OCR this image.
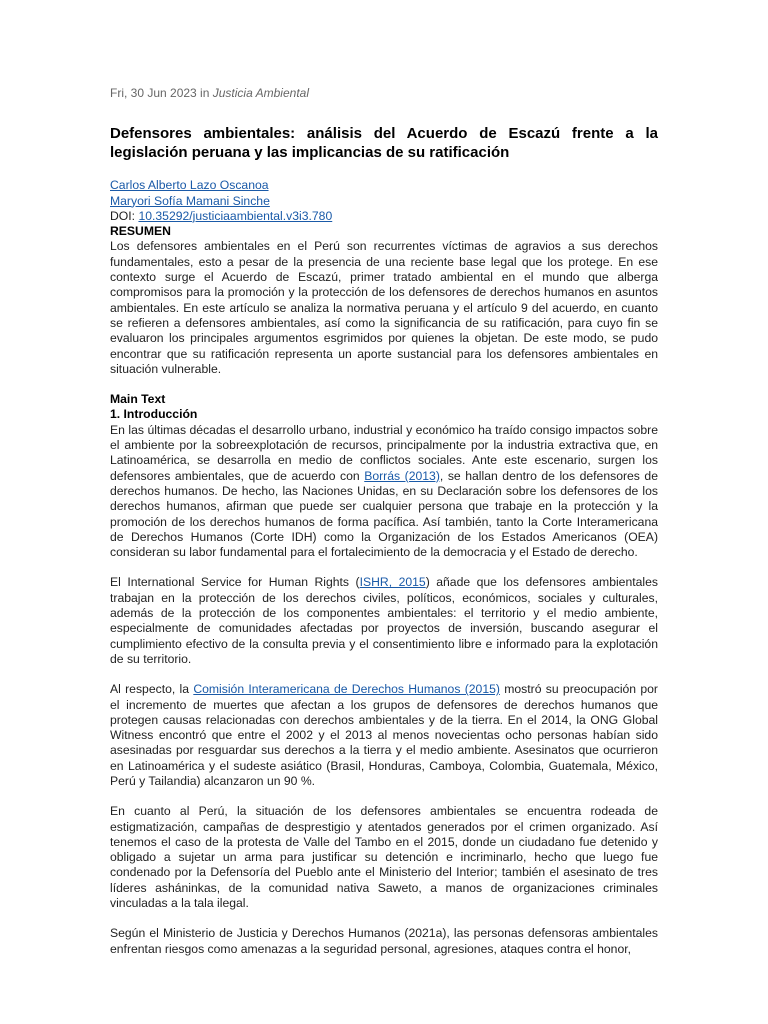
Fri, 30 Jun 2023 in Justicia Ambiental
Defensores ambientales: análisis del Acuerdo de Escazú frente a la legislación peruana y las implicancias de su ratificación
Carlos Alberto Lazo Oscanoa
Maryori Sofía Mamani Sinche
DOI: 10.35292/justiciaambiental.v3i3.780
RESUMEN

Los defensores ambientales en el Perú son recurrentes víctimas de agravios a sus derechos fundamentales, esto a pesar de la presencia de una reciente base legal que los protege. En ese contexto surge el Acuerdo de Escazú, primer tratado ambiental en el mundo que alberga compromisos para la promoción y la protección de los defensores de derechos humanos en asuntos ambientales. En este artículo se analiza la normativa peruana y el artículo 9 del acuerdo, en cuanto se refieren a defensores ambientales, así como la significancia de su ratificación, para cuyo fin se evaluaron los principales argumentos esgrimidos por quienes la objetan. De este modo, se pudo encontrar que su ratificación representa un aporte sustancial para los defensores ambientales en situación vulnerable.

Main Text
1. Introducción

En las últimas décadas el desarrollo urbano, industrial y económico ha traído consigo impactos sobre el ambiente por la sobreexplotación de recursos, principalmente por la industria extractiva que, en Latinoamérica, se desarrolla en medio de conflictos sociales. Ante este escenario, surgen los defensores ambientales, que de acuerdo con Borrás (2013), se hallan dentro de los defensores de derechos humanos. De hecho, las Naciones Unidas, en su Declaración sobre los defensores de los derechos humanos, afirman que puede ser cualquier persona que trabaje en la protección y la promoción de los derechos humanos de forma pacífica. Así también, tanto la Corte Interamericana de Derechos Humanos (Corte IDH) como la Organización de los Estados Americanos (OEA) consideran su labor fundamental para el fortalecimiento de la democracia y el Estado de derecho.

El International Service for Human Rights (ISHR, 2015) añade que los defensores ambientales trabajan en la protección de los derechos civiles, políticos, económicos, sociales y culturales, además de la protección de los componentes ambientales: el territorio y el medio ambiente, especialmente de comunidades afectadas por proyectos de inversión, buscando asegurar el cumplimiento efectivo de la consulta previa y el consentimiento libre e informado para la explotación de su territorio.

Al respecto, la Comisión Interamericana de Derechos Humanos (2015) mostró su preocupación por el incremento de muertes que afectan a los grupos de defensores de derechos humanos que protegen causas relacionadas con derechos ambientales y de la tierra. En el 2014, la ONG Global Witness encontró que entre el 2002 y el 2013 al menos novecientas ocho personas habían sido asesinadas por resguardar sus derechos a la tierra y el medio ambiente. Asesinatos que ocurrieron en Latinoamérica y el sudeste asiático (Brasil, Honduras, Camboya, Colombia, Guatemala, México, Perú y Tailandia) alcanzaron un 90 %.

En cuanto al Perú, la situación de los defensores ambientales se encuentra rodeada de estigmatización, campañas de desprestigio y atentados generados por el crimen organizado. Así tenemos el caso de la protesta de Valle del Tambo en el 2015, donde un ciudadano fue detenido y obligado a sujetar un arma para justificar su detención e incriminarlo, hecho que luego fue condenado por la Defensoría del Pueblo ante el Ministerio del Interior; también el asesinato de tres líderes asháninkas, de la comunidad nativa Saweto, a manos de organizaciones criminales vinculadas a la tala ilegal.

Según el Ministerio de Justicia y Derechos Humanos (2021a), las personas defensoras ambientales enfrentan riesgos como amenazas a la seguridad personal, agresiones, ataques contra el honor,
